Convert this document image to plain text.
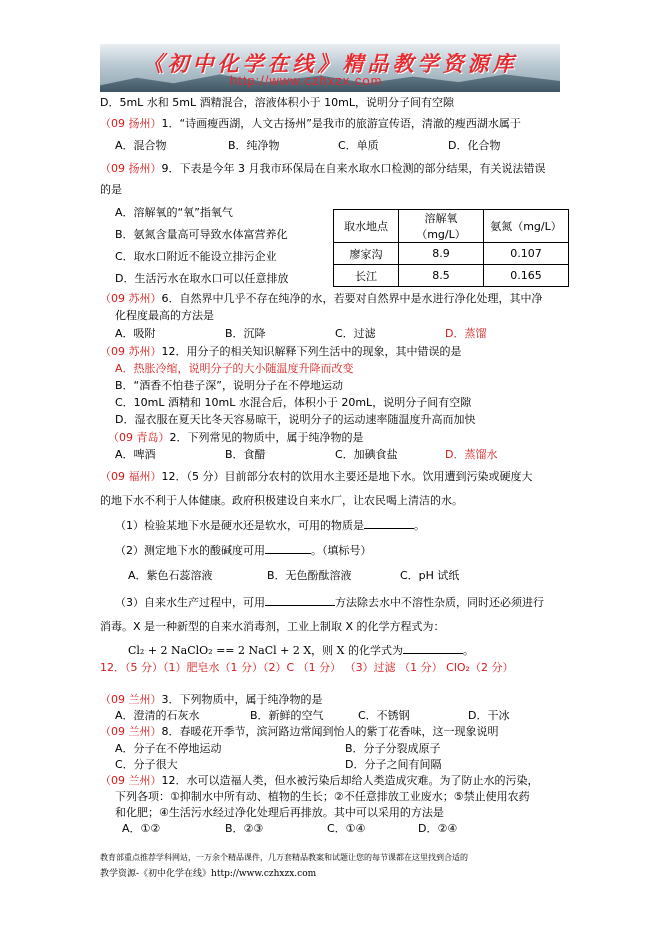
《初中化学在线》精品教学资源库
http://www.czhxzx.com
D．5mL 水和 5mL 酒精混合，溶液体积小于 10mL，说明分子间有空隙
（09 扬州）1．“诗画瘦西湖，人文古扬州”是我市的旅游宣传语，清澈的瘦西湖水属于
A．混合物	B．纯净物	C．单质	D．化合物
（09 扬州）9．下表是今年 3 月我市环保局在自来水取水口检测的部分结果，有关说法错误
的是
A．溶解氧的“氧”指氧气
B．氨氮含量高可导致水体富营养化
C．取水口附近不能设立排污企业
D．生活污水在取水口可以任意排放
取水地点	溶解氧（mg/L）	氨氮（mg/L）
廖家沟	8.9	0.107
长江	8.5	0.165
（09 苏州）6．自然界中几乎不存在纯净的水，若要对自然界中是水进行净化处理，其中净
化程度最高的方法是
A．吸附	B．沉降	C．过滤	D．蒸馏
（09 苏州）12．用分子的相关知识解释下列生活中的现象，其中错误的是
A．热胀冷缩，说明分子的大小随温度升降而改变
B．“酒香不怕巷子深”，说明分子在不停地运动
C．10mL 酒精和 10mL 水混合后，体积小于 20mL，说明分子间有空隙
D．湿衣服在夏天比冬天容易晾干，说明分子的运动速率随温度升高而加快
（09 青岛）2．下列常见的物质中，属于纯净物的是
A．啤酒	B．食醋	C．加碘食盐	D．蒸馏水
（09 福州）12．（5 分）目前部分农村的饮用水主要还是地下水。饮用遭到污染或硬度大
的地下水不利于人体健康。政府积极建设自来水厂，让农民喝上清洁的水。
（1）检验某地下水是硬水还是软水，可用的物质是	。
（2）测定地下水的酸碱度可用	。（填标号）
A．紫色石蕊溶液	B．无色酚酞溶液	C．pH 试纸
（3）自来水生产过程中，可用	方法除去水中不溶性杂质，同时还必须进行
消毒。X 是一种新型的自来水消毒剂，工业上制取 X 的化学方程式为：
Cl₂ + 2 NaClO₂ == 2 NaCl + 2 X，则 X 的化学式为	。
12．（5 分）（1）肥皂水（1 分）（2）C （1 分） （3）过滤 （1 分） ClO₂（2 分）
（09 兰州）3．下列物质中，属于纯净物的是
A．澄清的石灰水	B．新鲜的空气	C．不锈钢	D．干冰
（09 兰州）8．春暖花开季节，滨河路边常闻到怡人的紫丁花香味，这一现象说明
A．分子在不停地运动	B．分子分裂成原子
C．分子很大	D．分子之间有间隔
（09 兰州）12．水可以造福人类，但水被污染后却给人类造成灾难。为了防止水的污染，
下列各项：①抑制水中所有动、植物的生长；②不任意排放工业废水；⑤禁止使用农药
和化肥；④生活污水经过净化处理后再排放。其中可以采用的方法是
A．①②	B．②③	C．①④	D．②④
教育部重点推荐学科网站，一万余个精品课件，几万套精品教案和试题让您的每节课都在这里找到合适的
教学资源-《初中化学在线》http://www.czhxzx.com
